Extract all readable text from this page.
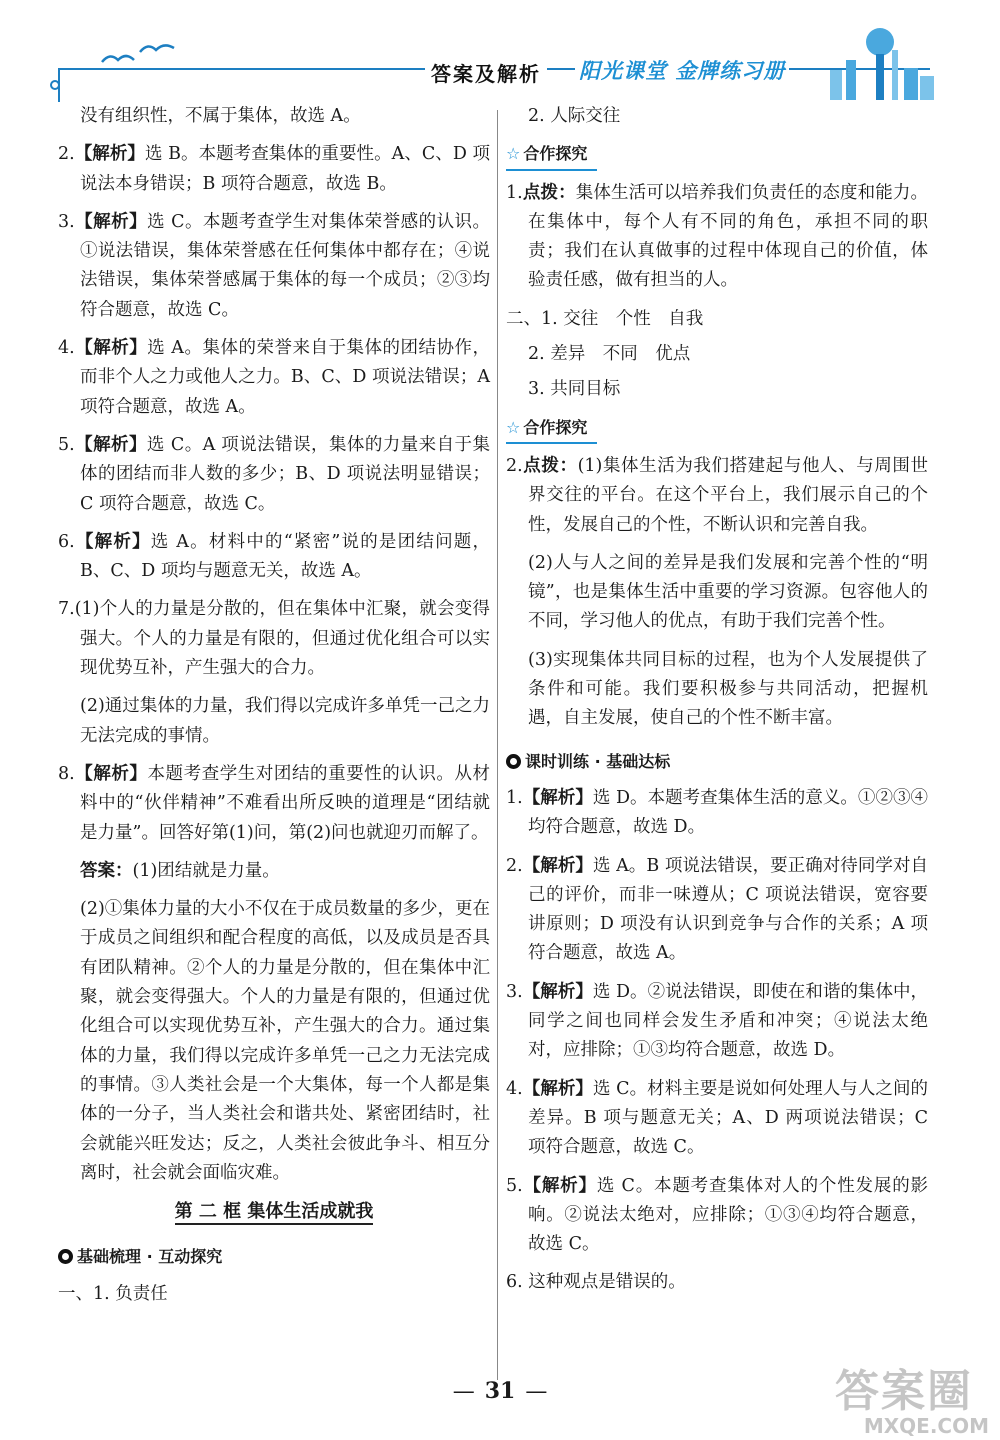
答案及解析 阳光课堂 金牌练习册
没有组织性，不属于集体，故选 A。
2.【解析】选 B。本题考查集体的重要性。A、C、D 项说法本身错误；B 项符合题意，故选 B。
3.【解析】选 C。本题考查学生对集体荣誉感的认识。①说法错误，集体荣誉感在任何集体中都存在；④说法错误，集体荣誉感属于集体的每一个成员；②③均符合题意，故选 C。
4.【解析】选 A。集体的荣誉来自于集体的团结协作，而非个人之力或他人之力。B、C、D 项说法错误；A 项符合题意，故选 A。
5.【解析】选 C。A 项说法错误，集体的力量来自于集体的团结而非人数的多少；B、D 项说法明显错误；C 项符合题意，故选 C。
6.【解析】选 A。材料中的“紧密”说的是团结问题，B、C、D 项均与题意无关，故选 A。
7.(1)个人的力量是分散的，但在集体中汇聚，就会变得强大。个人的力量是有限的，但通过优化组合可以实现优势互补，产生强大的合力。
(2)通过集体的力量，我们得以完成许多单凭一己之力无法完成的事情。
8.【解析】本题考查学生对团结的重要性的认识。从材料中的“伙伴精神”不难看出所反映的道理是“团结就是力量”。回答好第(1)问，第(2)问也就迎刃而解了。
答案：(1)团结就是力量。
(2)①集体力量的大小不仅在于成员数量的多少，更在于成员之间组织和配合程度的高低，以及成员是否具有团队精神。②个人的力量是分散的，但在集体中汇聚，就会变得强大。个人的力量是有限的，但通过优化组合可以实现优势互补，产生强大的合力。通过集体的力量，我们得以完成许多单凭一己之力无法完成的事情。③人类社会是一个大集体，每一个人都是集体的一分子，当人类社会和谐共处、紧密团结时，社会就能兴旺发达；反之，人类社会彼此争斗、相互分离时，社会就会面临灾难。
第 二 框 集体生活成就我
基础梳理 · 互动探究
一、1. 负责任
2. 人际交往
☆ 合作探究
1.点拨：集体生活可以培养我们负责任的态度和能力。在集体中，每个人有不同的角色，承担不同的职责；我们在认真做事的过程中体现自己的价值，体验责任感，做有担当的人。
二、1. 交往　个性　自我
2. 差异　不同　优点
3. 共同目标
☆ 合作探究
2.点拨：(1)集体生活为我们搭建起与他人、与周围世界交往的平台。在这个平台上，我们展示自己的个性，发展自己的个性，不断认识和完善自我。
(2)人与人之间的差异是我们发展和完善个性的“明镜”，也是集体生活中重要的学习资源。包容他人的不同，学习他人的优点，有助于我们完善个性。
(3)实现集体共同目标的过程，也为个人发展提供了条件和可能。我们要积极参与共同活动，把握机遇，自主发展，使自己的个性不断丰富。
课时训练 · 基础达标
1.【解析】选 D。本题考查集体生活的意义。①②③④均符合题意，故选 D。
2.【解析】选 A。B 项说法错误，要正确对待同学对自己的评价，而非一味遵从；C 项说法错误，宽容要讲原则；D 项没有认识到竞争与合作的关系；A 项符合题意，故选 A。
3.【解析】选 D。②说法错误，即使在和谐的集体中，同学之间也同样会发生矛盾和冲突；④说法太绝对，应排除；①③均符合题意，故选 D。
4.【解析】选 C。材料主要是说如何处理人与人之间的差异。B 项与题意无关；A、D 两项说法错误；C 项符合题意，故选 C。
5.【解析】选 C。本题考查集体对人的个性发展的影响。②说法太绝对，应排除；①③④均符合题意，故选 C。
6. 这种观点是错误的。
— 31 —	答案圈
MXQE.COM
